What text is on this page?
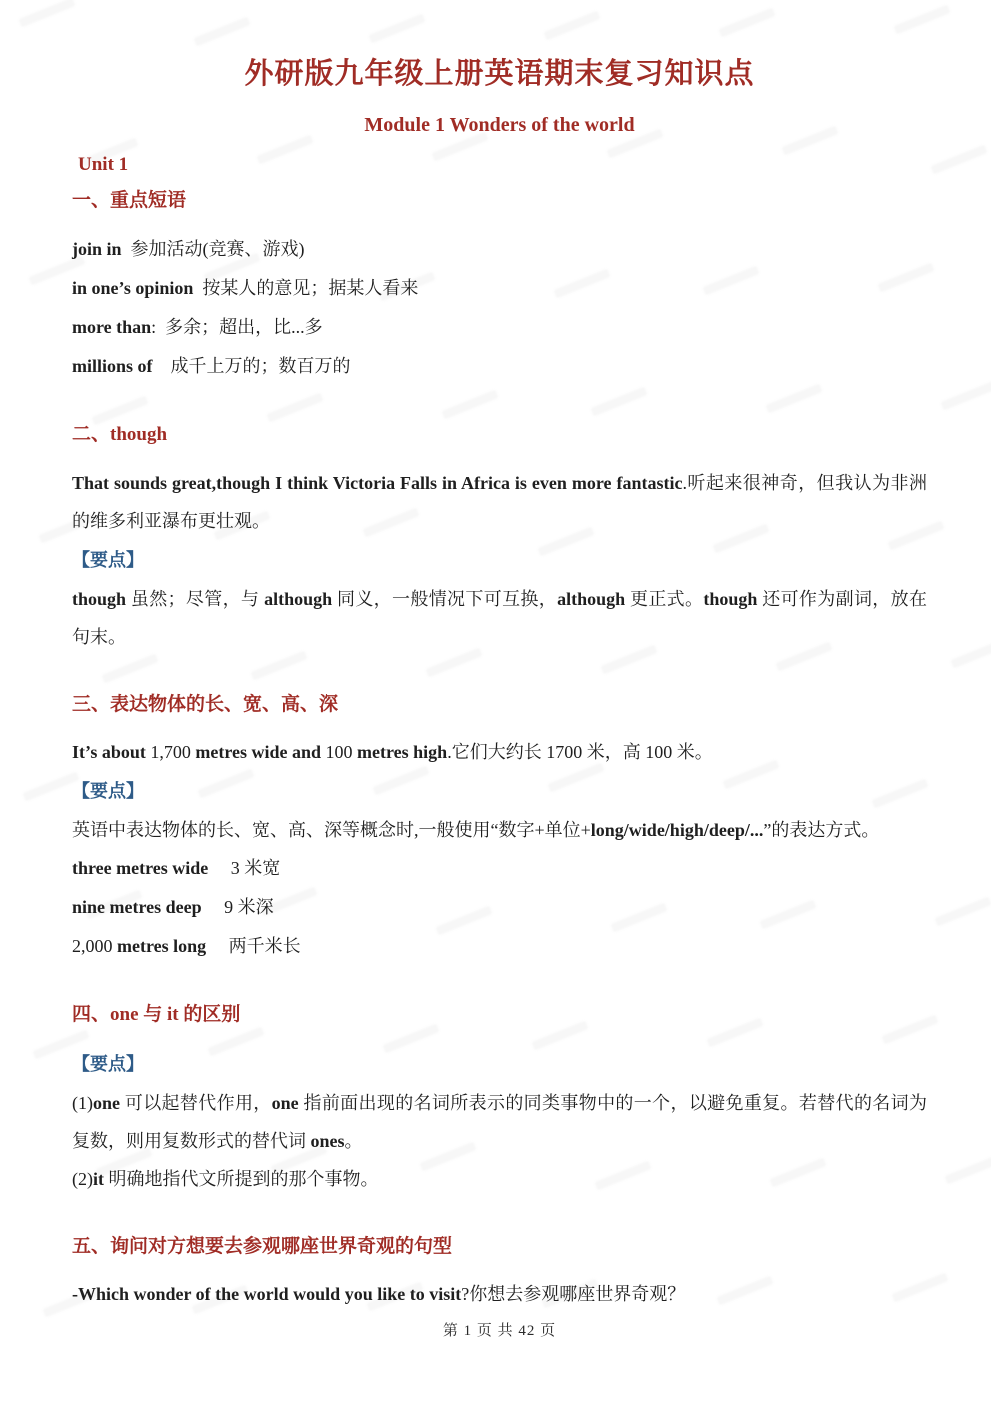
外研版九年级上册英语期末复习知识点
Module 1 Wonders of the world
Unit 1
一、重点短语

join in 参加活动(竞赛、游戏)

in one’s opinion 按某人的意见；据某人看来

more than: 多余；超出，比...多

millions of  成千上万的；数百万的

二、though

That sounds great,though I think Victoria Falls in Africa is even more fantastic.听起来很神奇，但我认为非洲的维多利亚瀑布更壮观。

【要点】

though 虽然；尽管，与 although 同义，一般情况下可互换，although 更正式。though 还可作为副词，放在句末。

三、表达物体的长、宽、高、深

It’s about 1,700 metres wide and 100 metres high.它们大约长 1700 米，高 100 米。

【要点】

英语中表达物体的长、宽、高、深等概念时,一般使用“数字+单位+long/wide/high/deep/...”的表达方式。

three metres wide  3 米宽

nine metres deep  9 米深

2,000 metres long  两千米长

四、one 与 it 的区别

【要点】

(1)one 可以起替代作用，one 指前面出现的名词所表示的同类事物中的一个，以避免重复。若替代的名词为复数，则用复数形式的替代词 ones。

(2)it 明确地指代文所提到的那个事物。

五、询问对方想要去参观哪座世界奇观的句型

-Which wonder of the world would you like to visit?你想去参观哪座世界奇观？

第 1 页 共 42 页
